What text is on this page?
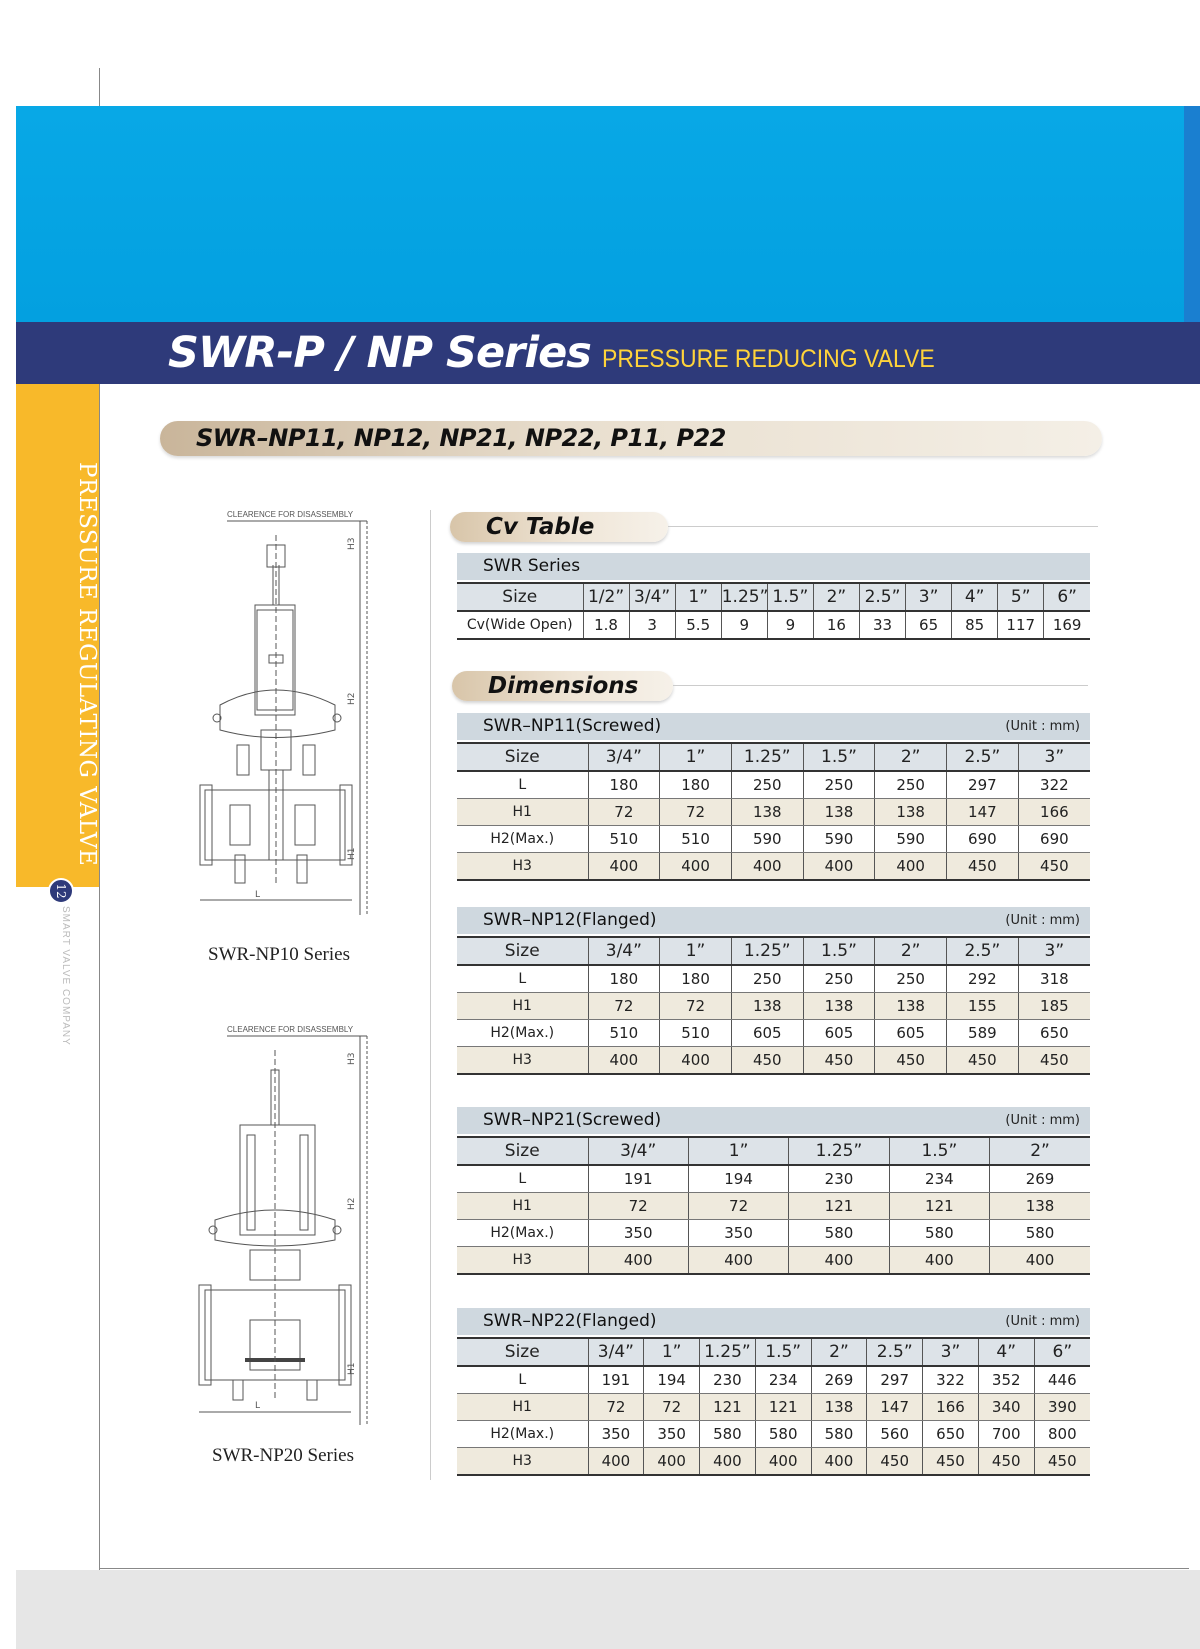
SWR-P / NP Series PRESSURE REDUCING VALVE
PRESSURE REGULATING VALVE
12
SMART VALVE COMPANY
SWR–NP11, NP12, NP21, NP22, P11, P22
CLEARENCE FOR DISASSEMBLY
H3
H2
H1
L
SWR-NP10 Series
CLEARENCE FOR DISASSEMBLY
H3
H2
H1
L
SWR-NP20 Series
Cv Table
SWR Series
Size	1/2”	3/4”	1”	1.25”	1.5”	2”	2.5”	3”	4”	5”	6”
Cv(Wide Open)	1.8	3	5.5	9	9	16	33	65	85	117	169
Dimensions
SWR–NP11(Screwed)	(Unit : mm)
Size	3/4”	1”	1.25”	1.5”	2”	2.5”	3”
L	180	180	250	250	250	297	322
H1	72	72	138	138	138	147	166
H2(Max.)	510	510	590	590	590	690	690
H3	400	400	400	400	400	450	450
SWR–NP12(Flanged)	(Unit : mm)
Size	3/4”	1”	1.25”	1.5”	2”	2.5”	3”
L	180	180	250	250	250	292	318
H1	72	72	138	138	138	155	185
H2(Max.)	510	510	605	605	605	589	650
H3	400	400	450	450	450	450	450
SWR–NP21(Screwed)	(Unit : mm)
Size	3/4”	1”	1.25”	1.5”	2”
L	191	194	230	234	269
H1	72	72	121	121	138
H2(Max.)	350	350	580	580	580
H3	400	400	400	400	400
SWR–NP22(Flanged)	(Unit : mm)
Size	3/4”	1”	1.25”	1.5”	2”	2.5”	3”	4”	6”
L	191	194	230	234	269	297	322	352	446
H1	72	72	121	121	138	147	166	340	390
H2(Max.)	350	350	580	580	580	560	650	700	800
H3	400	400	400	400	400	450	450	450	450
